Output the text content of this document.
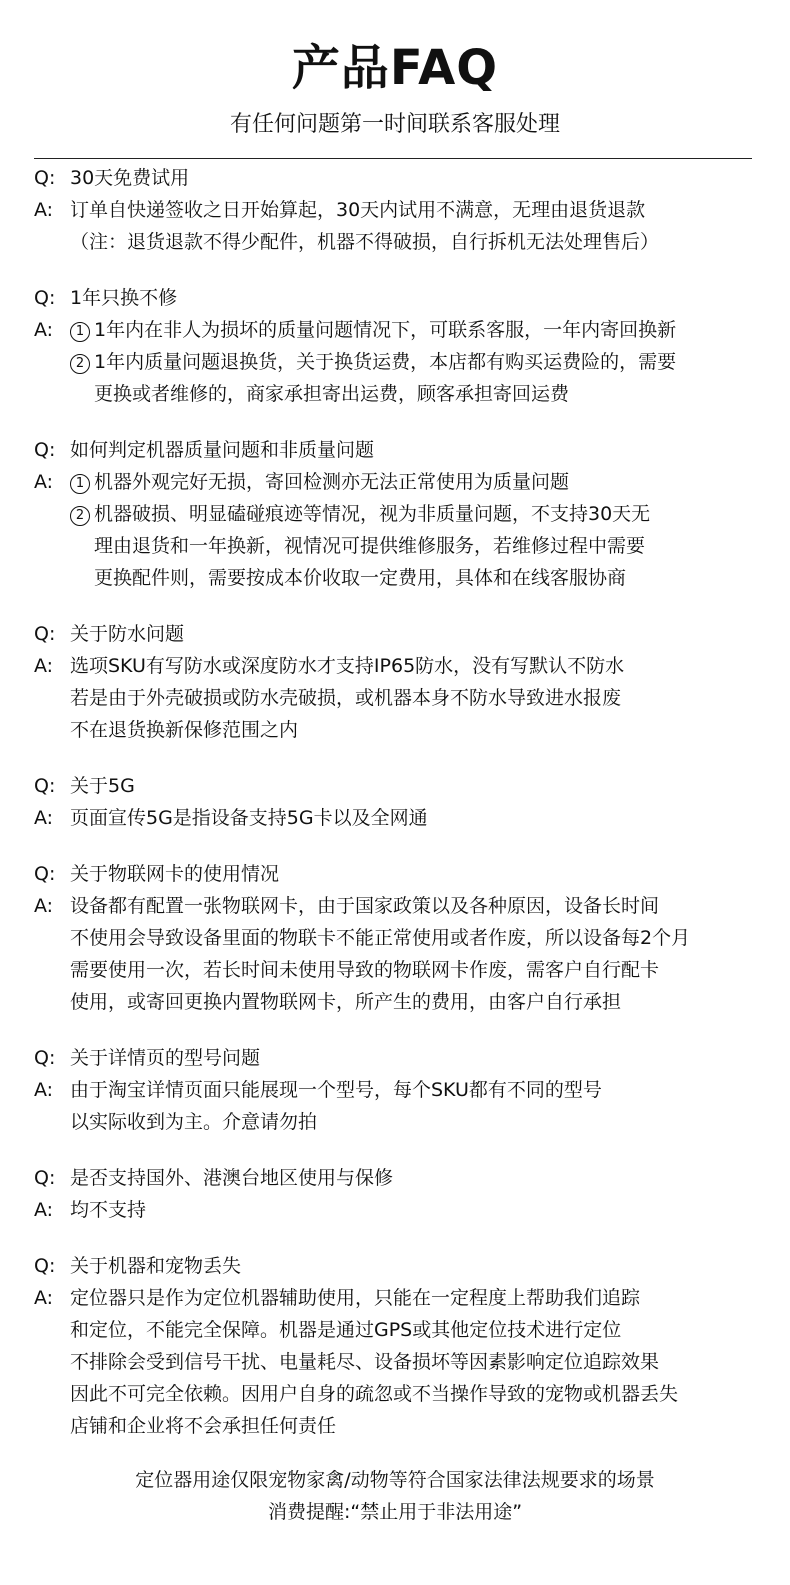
产品FAQ
有任何问题第一时间联系客服处理
Q: 30天免费试用
A: 订单自快递签收之日开始算起，30天内试用不满意，无理由退货退款
（注：退货退款不得少配件，机器不得破损，自行拆机无法处理售后）
Q: 1年只换不修
A:	1 1年内在非人为损坏的质量问题情况下，可联系客服，一年内寄回换新
2 1年内质量问题退换货，关于换货运费，本店都有购买运费险的，需要
更换或者维修的，商家承担寄出运费，顾客承担寄回运费
Q: 如何判定机器质量问题和非质量问题
A:	1 机器外观完好无损，寄回检测亦无法正常使用为质量问题
2 机器破损、明显磕碰痕迹等情况，视为非质量问题，不支持30天无
理由退货和一年换新，视情况可提供维修服务，若维修过程中需要
更换配件则，需要按成本价收取一定费用，具体和在线客服协商
Q: 关于防水问题
A: 选项SKU有写防水或深度防水才支持IP65防水，没有写默认不防水
若是由于外壳破损或防水壳破损，或机器本身不防水导致进水报废
不在退货换新保修范围之内
Q: 关于5G
A: 页面宣传5G是指设备支持5G卡以及全网通
Q: 关于物联网卡的使用情况
A: 设备都有配置一张物联网卡，由于国家政策以及各种原因，设备长时间
不使用会导致设备里面的物联卡不能正常使用或者作废，所以设备每2个月
需要使用一次，若长时间未使用导致的物联网卡作废，需客户自行配卡
使用，或寄回更换内置物联网卡，所产生的费用，由客户自行承担
Q: 关于详情页的型号问题
A: 由于淘宝详情页面只能展现一个型号，每个SKU都有不同的型号
以实际收到为主。介意请勿拍
Q: 是否支持国外、港澳台地区使用与保修
A: 均不支持
Q: 关于机器和宠物丢失
A: 定位器只是作为定位机器辅助使用，只能在一定程度上帮助我们追踪
和定位，不能完全保障。机器是通过GPS或其他定位技术进行定位
不排除会受到信号干扰、电量耗尽、设备损坏等因素影响定位追踪效果
因此不可完全依赖。因用户自身的疏忽或不当操作导致的宠物或机器丢失
店铺和企业将不会承担任何责任
定位器用途仅限宠物家禽/动物等符合国家法律法规要求的场景
消费提醒:“禁止用于非法用途”
